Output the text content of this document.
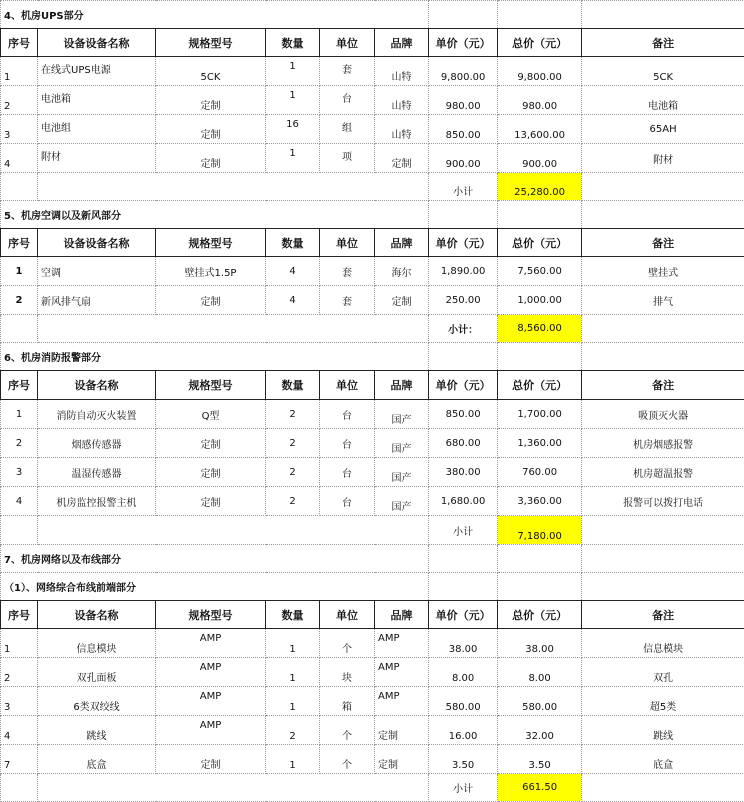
4、机房UPS部分								
序号	设备设备名称	规格型号	数量	单位	品牌	单价（元）	总价（元）	备注
1	在线式UPS电源	5CK	1	套	山特	9,800.00	9,800.00	5CK
2	电池箱	定制	1	台	山特	980.00	980.00	电池箱
3	电池组	定制	16	组	山特	850.00	13,600.00	65AH
4	附材	定制	1	项	定制	900.00	900.00	附材
						小计	25,280.00	
5、机房空调以及新风部分								
序号	设备设备名称	规格型号	数量	单位	品牌	单价（元）	总价（元）	备注
1	空调	壁挂式1.5P	4	套	海尔	1,890.00	7,560.00	壁挂式
2	新风排气扇	定制	4	套	定制	250.00	1,000.00	排气
						小计：	8,560.00	
6、机房消防报警部分								
序号	设备名称	规格型号	数量	单位	品牌	单价（元）	总价（元）	备注
1	消防自动灭火装置	Q型	2	台	国产	850.00	1,700.00	吸顶灭火器
2	烟感传感器	定制	2	台	国产	680.00	1,360.00	机房烟感报警
3	温湿传感器	定制	2	台	国产	380.00	760.00	机房超温报警
4	机房监控报警主机	定制	2	台	国产	1,680.00	3,360.00	报警可以拨打电话
						小计	7,180.00	
7、机房网络以及布线部分								
（1）、网络综合布线前端部分								
序号	设备名称	规格型号	数量	单位	品牌	单价（元）	总价（元）	备注
1	信息模块	AMP	1	个	AMP	38.00	38.00	信息模块
2	双孔面板	AMP	1	块	AMP	8.00	8.00	双孔
3	6类双绞线	AMP	1	箱	AMP	580.00	580.00	超5类
4	跳线	AMP	2	个	定制	16.00	32.00	跳线
7	底盒	定制	1	个	定制	3.50	3.50	底盒
						小计	661.50	
